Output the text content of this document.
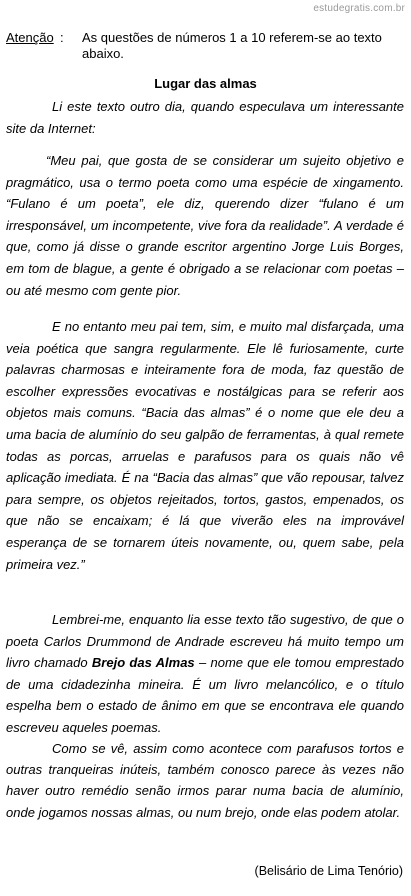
estudegratis.com.br
Atenção : As questões de números 1 a 10 referem-se ao texto abaixo.
Lugar das almas

Li este texto outro dia, quando especulava um interessante site da Internet:

“Meu pai, que gosta de se considerar um sujeito objetivo e pragmático, usa o termo poeta como uma espécie de xingamento. “Fulano é um poeta”, ele diz, querendo dizer “fulano é um irresponsável, um incompetente, vive fora da realidade”. A verdade é que, como já disse o grande escritor argentino Jorge Luis Borges, em tom de blague, a gente é obrigado a se relacionar com poetas – ou até mesmo com gente pior.

E no entanto meu pai tem, sim, e muito mal disfarçada, uma veia poética que sangra regularmente. Ele lê furiosamente, curte palavras charmosas e inteiramente fora de moda, faz questão de escolher expressões evocativas e nostálgicas para se referir aos objetos mais comuns. “Bacia das almas” é o nome que ele deu a uma bacia de alumínio do seu galpão de ferramentas, à qual remete todas as porcas, arruelas e parafusos para os quais não vê aplicação imediata. É na “Bacia das almas” que vão repousar, talvez para sempre, os objetos rejeitados, tortos, gastos, empenados, os que não se encaixam; é lá que viverão eles na improvável esperança de se tornarem úteis novamente, ou, quem sabe, pela primeira vez.”

Lembrei-me, enquanto lia esse texto tão sugestivo, de que o poeta Carlos Drummond de Andrade escreveu há muito tempo um livro chamado Brejo das Almas – nome que ele tomou emprestado de uma cidadezinha mineira. É um livro melancólico, e o título espelha bem o estado de ânimo em que se encontrava ele quando escreveu aqueles poemas.

Como se vê, assim como acontece com parafusos tortos e outras tranqueiras inúteis, também conosco parece às vezes não haver outro remédio senão irmos parar numa bacia de alumínio, onde jogamos nossas almas, ou num brejo, onde elas podem atolar.

(Belisário de Lima Tenório)
